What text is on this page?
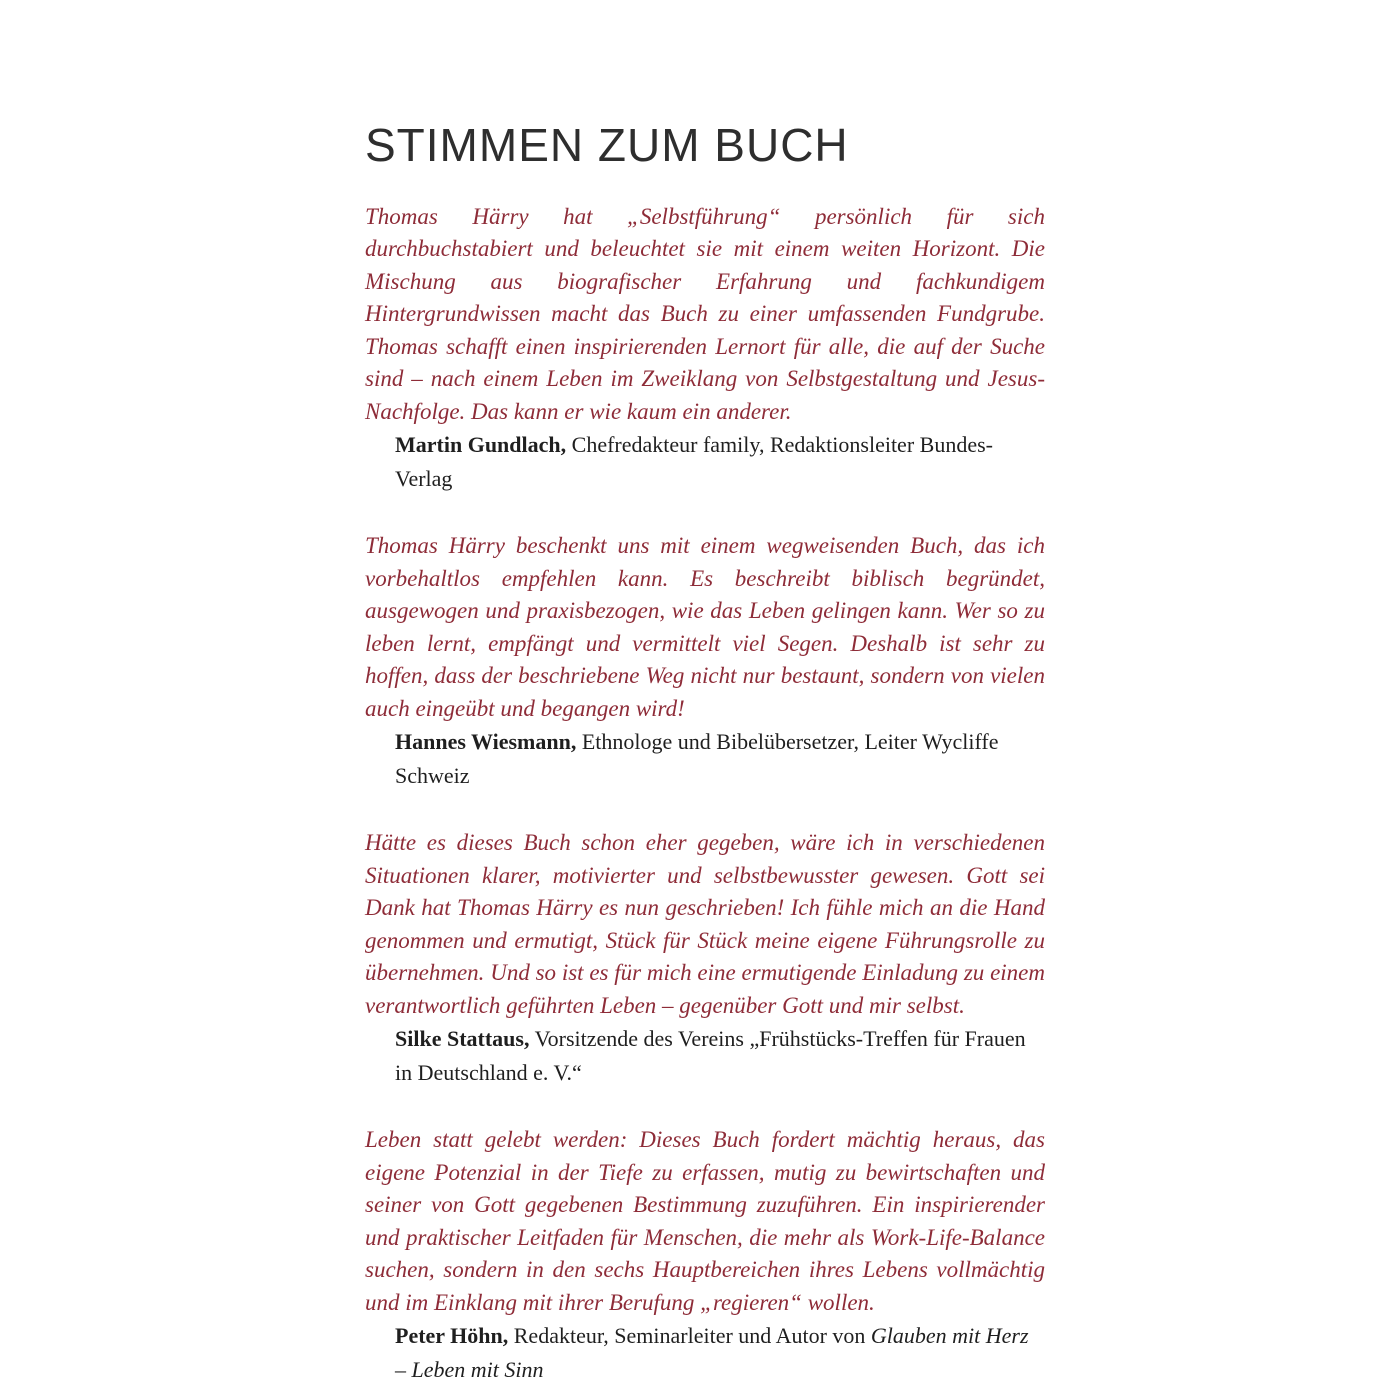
STIMMEN ZUM BUCH

Thomas Härry hat „Selbstführung“ persönlich für sich durchbuchstabiert und beleuchtet sie mit einem weiten Horizont. Die Mischung aus biografischer Erfahrung und fachkundigem Hintergrundwissen macht das Buch zu einer umfassenden Fundgrube. Thomas schafft einen inspirierenden Lernort für alle, die auf der Suche sind – nach einem Leben im Zweiklang von Selbstgestaltung und Jesus-Nachfolge. Das kann er wie kaum ein anderer.

Martin Gundlach, Chefredakteur family, Redaktionsleiter Bundes-Verlag

Thomas Härry beschenkt uns mit einem wegweisenden Buch, das ich vorbehaltlos empfehlen kann. Es beschreibt biblisch begründet, ausgewogen und praxisbezogen, wie das Leben gelingen kann. Wer so zu leben lernt, empfängt und vermittelt viel Segen. Deshalb ist sehr zu hoffen, dass der beschriebene Weg nicht nur bestaunt, sondern von vielen auch eingeübt und begangen wird!

Hannes Wiesmann, Ethnologe und Bibelübersetzer, Leiter Wycliffe Schweiz

Hätte es dieses Buch schon eher gegeben, wäre ich in verschiedenen Situationen klarer, motivierter und selbstbewusster gewesen. Gott sei Dank hat Thomas Härry es nun geschrieben! Ich fühle mich an die Hand genommen und ermutigt, Stück für Stück meine eigene Führungsrolle zu übernehmen. Und so ist es für mich eine ermutigende Einladung zu einem verantwortlich geführten Leben – gegenüber Gott und mir selbst.

Silke Stattaus, Vorsitzende des Vereins „Frühstücks-Treffen für Frauen in Deutschland e. V.“

Leben statt gelebt werden: Dieses Buch fordert mächtig heraus, das eigene Potenzial in der Tiefe zu erfassen, mutig zu bewirtschaften und seiner von Gott gegebenen Bestimmung zuzuführen. Ein inspirierender und praktischer Leitfaden für Menschen, die mehr als Work-Life-Balance suchen, sondern in den sechs Hauptbereichen ihres Lebens vollmächtig und im Einklang mit ihrer Berufung „regieren“ wollen.

Peter Höhn, Redakteur, Seminarleiter und Autor von Glauben mit Herz – Leben mit Sinn
